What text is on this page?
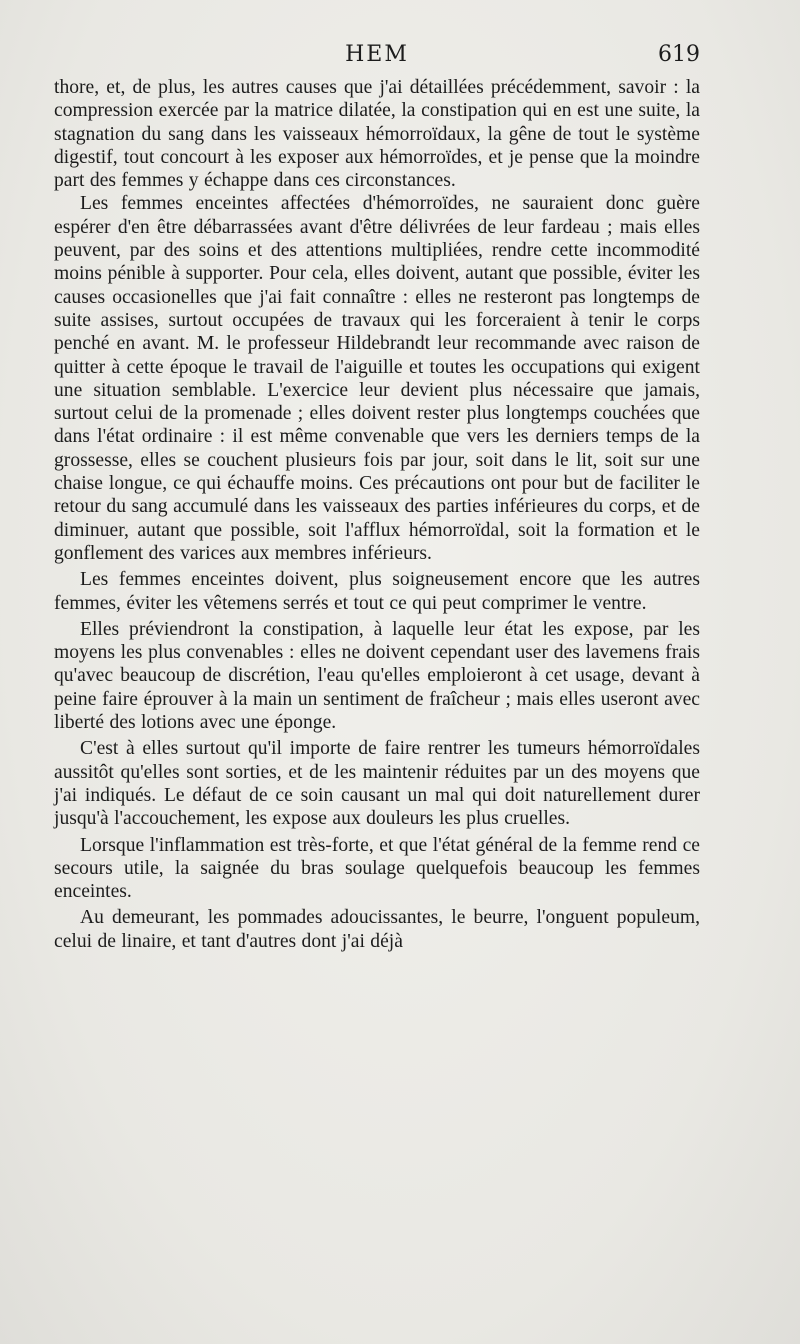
HEM	619

thore, et, de plus, les autres causes que j'ai détaillées précédemment, savoir : la compression exercée par la matrice dilatée, la constipation qui en est une suite, la stagnation du sang dans les vaisseaux hémorroïdaux, la gêne de tout le système digestif, tout concourt à les exposer aux hémorroïdes, et je pense que la moindre part des femmes y échappe dans ces circonstances.

Les femmes enceintes affectées d'hémorroïdes, ne sauraient donc guère espérer d'en être débarrassées avant d'être délivrées de leur fardeau ; mais elles peuvent, par des soins et des attentions multipliées, rendre cette incommodité moins pénible à supporter. Pour cela, elles doivent, autant que possible, éviter les causes occasionelles que j'ai fait connaître : elles ne resteront pas longtemps de suite assises, surtout occupées de travaux qui les forceraient à tenir le corps penché en avant. M. le professeur Hildebrandt leur recommande avec raison de quitter à cette époque le travail de l'aiguille et toutes les occupations qui exigent une situation semblable. L'exercice leur devient plus nécessaire que jamais, surtout celui de la promenade ; elles doivent rester plus longtemps couchées que dans l'état ordinaire : il est même convenable que vers les derniers temps de la grossesse, elles se couchent plusieurs fois par jour, soit dans le lit, soit sur une chaise longue, ce qui échauffe moins. Ces précautions ont pour but de faciliter le retour du sang accumulé dans les vaisseaux des parties inférieures du corps, et de diminuer, autant que possible, soit l'afflux hémorroïdal, soit la formation et le gonflement des varices aux membres inférieurs.

Les femmes enceintes doivent, plus soigneusement encore que les autres femmes, éviter les vêtemens serrés et tout ce qui peut comprimer le ventre.

Elles préviendront la constipation, à laquelle leur état les expose, par les moyens les plus convenables : elles ne doivent cependant user des lavemens frais qu'avec beaucoup de discrétion, l'eau qu'elles emploieront à cet usage, devant à peine faire éprouver à la main un sentiment de fraîcheur ; mais elles useront avec liberté des lotions avec une éponge.

C'est à elles surtout qu'il importe de faire rentrer les tumeurs hémorroïdales aussitôt qu'elles sont sorties, et de les maintenir réduites par un des moyens que j'ai indiqués. Le défaut de ce soin causant un mal qui doit naturellement durer jusqu'à l'accouchement, les expose aux douleurs les plus cruelles.

Lorsque l'inflammation est très-forte, et que l'état général de la femme rend ce secours utile, la saignée du bras soulage quelquefois beaucoup les femmes enceintes.

Au demeurant, les pommades adoucissantes, le beurre, l'onguent populeum, celui de linaire, et tant d'autres dont j'ai déjà
